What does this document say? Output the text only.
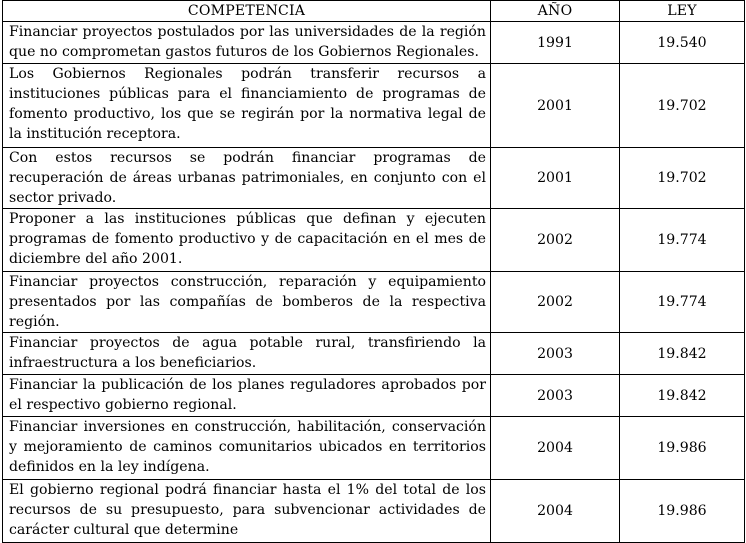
COMPETENCIA	AÑO	LEY
Financiar proyectos postulados por las universidades de la región que no comprometan gastos futuros de los Gobiernos Regionales.	1991	19.540
Los Gobiernos Regionales podrán transferir recursos a instituciones públicas para el financiamiento de programas de fomento productivo, los que se regirán por la normativa legal de la institución receptora.	2001	19.702
Con estos recursos se podrán financiar programas de recuperación de áreas urbanas patrimoniales, en conjunto con el sector privado.	2001	19.702
Proponer a las instituciones públicas que definan y ejecuten programas de fomento productivo y de capacitación en el mes de diciembre del año 2001.	2002	19.774
Financiar proyectos construcción, reparación y equipamiento presentados por las compañías de bomberos de la respectiva región.	2002	19.774
Financiar proyectos de agua potable rural, transfiriendo la infraestructura a los beneficiarios.	2003	19.842
Financiar la publicación de los planes reguladores aprobados por el respectivo gobierno regional.	2003	19.842
Financiar inversiones en construcción, habilitación, conservación y mejoramiento de caminos comunitarios ubicados en territorios definidos en la ley indígena.	2004	19.986
El gobierno regional podrá financiar hasta el 1% del total de los recursos de su presupuesto, para subvencionar actividades de carácter cultural que determine	2004	19.986
